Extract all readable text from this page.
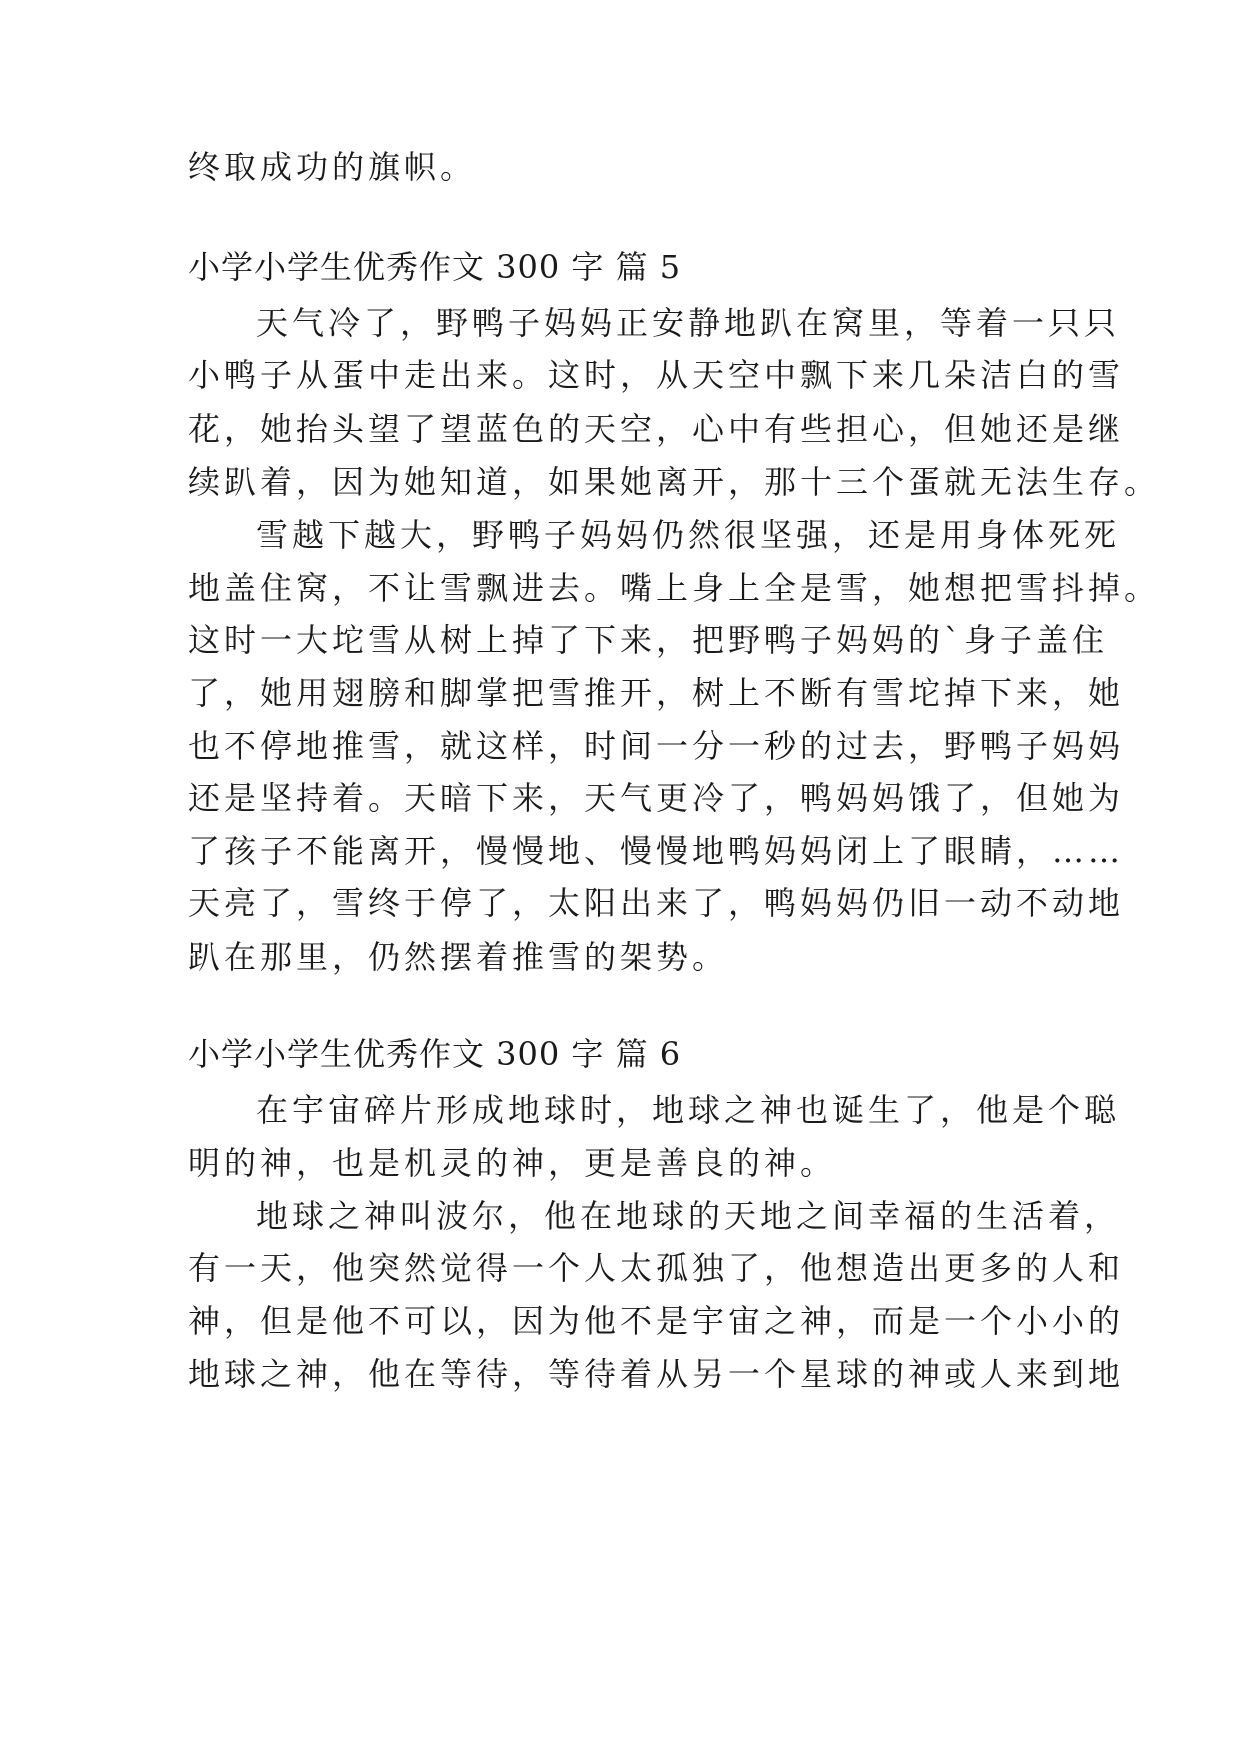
终取成功的旗帜。
小学小学生优秀作文 300 字 篇 5
天气冷了，野鸭子妈妈正安静地趴在窝里，等着一只只
小鸭子从蛋中走出来。这时，从天空中飘下来几朵洁白的雪
花，她抬头望了望蓝色的天空，心中有些担心，但她还是继
续趴着，因为她知道，如果她离开，那十三个蛋就无法生存。
雪越下越大，野鸭子妈妈仍然很坚强，还是用身体死死
地盖住窝，不让雪飘进去。嘴上身上全是雪，她想把雪抖掉。
这时一大坨雪从树上掉了下来，把野鸭子妈妈的`身子盖住
了，她用翅膀和脚掌把雪推开，树上不断有雪坨掉下来，她
也不停地推雪，就这样，时间一分一秒的过去，野鸭子妈妈
还是坚持着。天暗下来，天气更冷了，鸭妈妈饿了，但她为
了孩子不能离开，慢慢地、慢慢地鸭妈妈闭上了眼睛，……
天亮了，雪终于停了，太阳出来了，鸭妈妈仍旧一动不动地
趴在那里，仍然摆着推雪的架势。
小学小学生优秀作文 300 字 篇 6
在宇宙碎片形成地球时，地球之神也诞生了，他是个聪
明的神，也是机灵的神，更是善良的神。
地球之神叫波尔，他在地球的天地之间幸福的生活着，
有一天，他突然觉得一个人太孤独了，他想造出更多的人和
神，但是他不可以，因为他不是宇宙之神，而是一个小小的
地球之神，他在等待，等待着从另一个星球的神或人来到地
